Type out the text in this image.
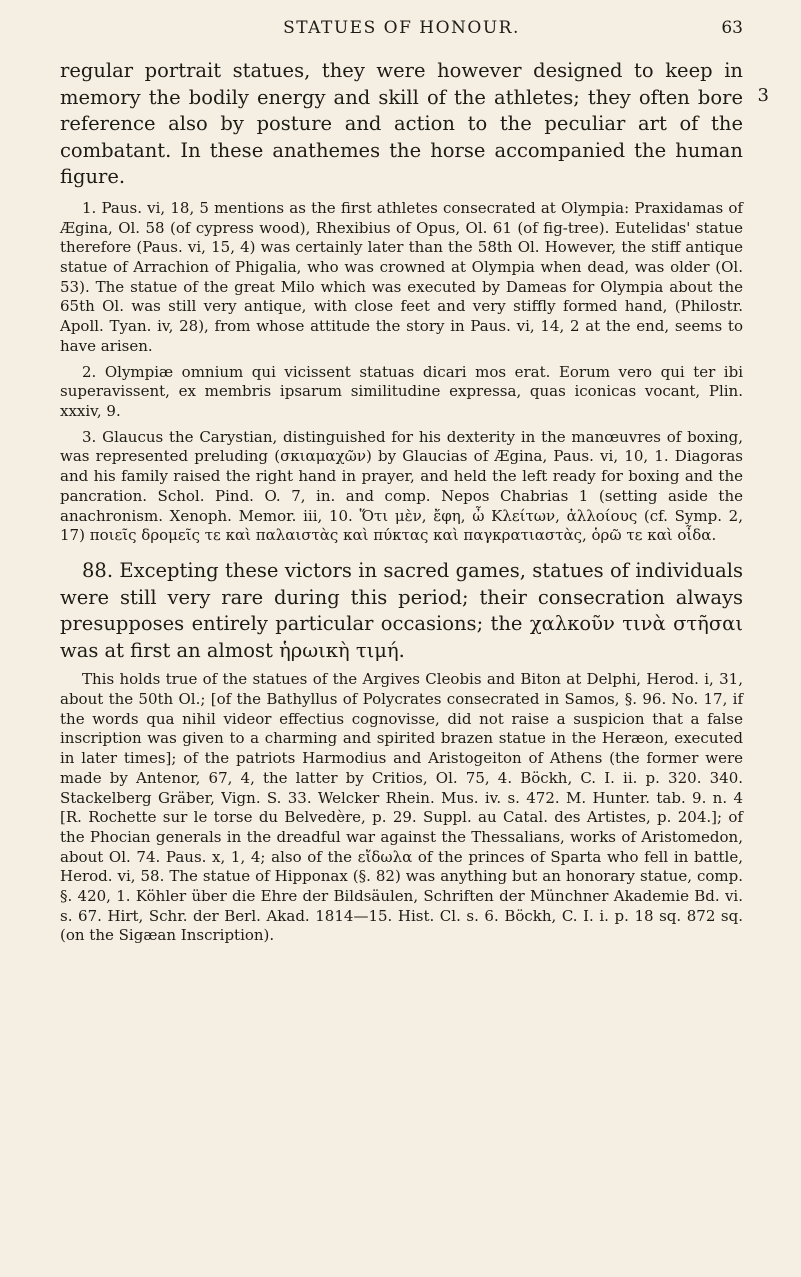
STATUES OF HONOUR.	63

regular portrait statues, they were however designed to keep in memory the bodily energy and skill of the athletes; they often bore reference also by posture and action to the peculiar art of the combatant. In these anathemes the horse accompanied the human figure.

3

1. Paus. vi, 18, 5 mentions as the first athletes consecrated at Olympia: Praxidamas of Ægina, Ol. 58 (of cypress wood), Rhexibius of Opus, Ol. 61 (of fig-tree). Eutelidas' statue therefore (Paus. vi, 15, 4) was certainly later than the 58th Ol. However, the stiff antique statue of Arrachion of Phigalia, who was crowned at Olympia when dead, was older (Ol. 53). The statue of the great Milo which was executed by Dameas for Olympia about the 65th Ol. was still very antique, with close feet and very stiffly formed hand, (Philostr. Apoll. Tyan. iv, 28), from whose attitude the story in Paus. vi, 14, 2 at the end, seems to have arisen.

2. Olympiæ omnium qui vicissent statuas dicari mos erat. Eorum vero qui ter ibi superavissent, ex membris ipsarum similitudine expressa, quas iconicas vocant, Plin. xxxiv, 9.

3. Glaucus the Carystian, distinguished for his dexterity in the manœuvres of boxing, was represented preluding (σκιαμαχῶν) by Glaucias of Ægina, Paus. vi, 10, 1. Diagoras and his family raised the right hand in prayer, and held the left ready for boxing and the pancration. Schol. Pind. O. 7, in. and comp. Nepos Chabrias 1 (setting aside the anachronism. Xenoph. Memor. iii, 10. Ὅτι μὲν, ἔφη, ὦ Κλείτων, ἀλλοίους (cf. Symp. 2, 17) ποιεῖς δρομεῖς τε καὶ παλαιστὰς καὶ πύκτας καὶ παγκρατιαστὰς, ὁρῶ τε καὶ οἶδα.

88. Excepting these victors in sacred games, statues of individuals were still very rare during this period; their consecration always presupposes entirely particular occasions; the χαλκοῦν τινὰ στῆσαι was at first an almost ἡρωικὴ τιμή.

This holds true of the statues of the Argives Cleobis and Biton at Delphi, Herod. i, 31, about the 50th Ol.; [of the Bathyllus of Polycrates consecrated in Samos, §. 96. No. 17, if the words qua nihil videor effectius cognovisse, did not raise a suspicion that a false inscription was given to a charming and spirited brazen statue in the Heræon, executed in later times]; of the patriots Harmodius and Aristogeiton of Athens (the former were made by Antenor, 67, 4, the latter by Critios, Ol. 75, 4. Böckh, C. I. ii. p. 320. 340. Stackelberg Gräber, Vign. S. 33. Welcker Rhein. Mus. iv. s. 472. M. Hunter. tab. 9. n. 4 [R. Rochette sur le torse du Belvedère, p. 29. Suppl. au Catal. des Artistes, p. 204.]; of the Phocian generals in the dreadful war against the Thessalians, works of Aristomedon, about Ol. 74. Paus. x, 1, 4; also of the εἴδωλα of the princes of Sparta who fell in battle, Herod. vi, 58. The statue of Hipponax (§. 82) was anything but an honorary statue, comp. §. 420, 1. Köhler über die Ehre der Bildsäulen, Schriften der Münchner Akademie Bd. vi. s. 67. Hirt, Schr. der Berl. Akad. 1814—15. Hist. Cl. s. 6. Böckh, C. I. i. p. 18 sq. 872 sq. (on the Sigæan Inscription).
